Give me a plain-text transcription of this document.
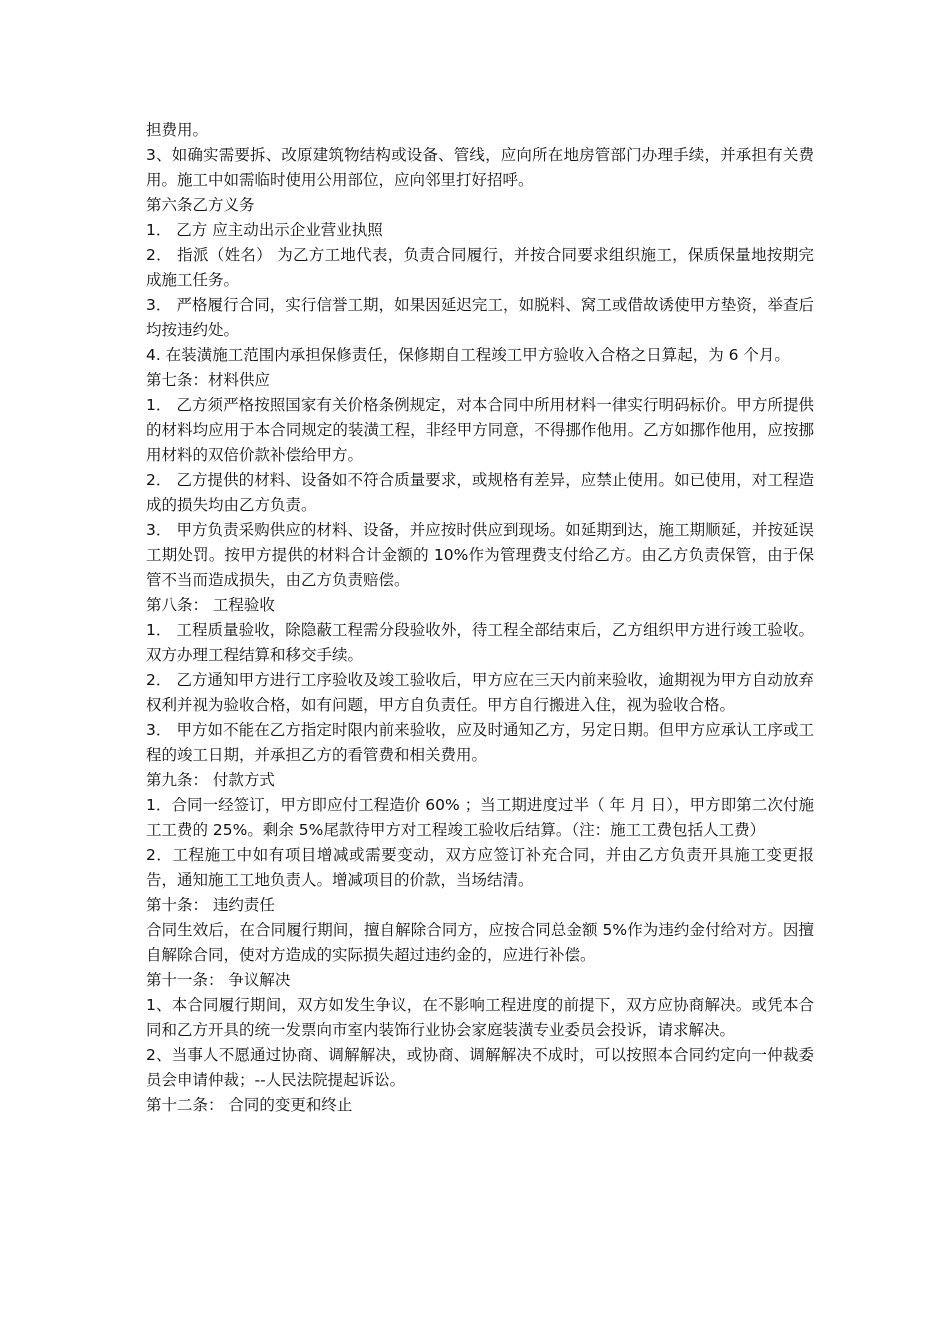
担费用。

3、如确实需要拆、改原建筑物结构或设备、管线，应向所在地房管部门办理手续，并承担有关费用。施工中如需临时使用公用部位，应向邻里打好招呼。

第六条乙方义务

1． 乙方 应主动出示企业营业执照

2． 指派（姓名） 为乙方工地代表，负责合同履行，并按合同要求组织施工，保质保量地按期完成施工任务。

3． 严格履行合同，实行信誉工期，如果因延迟完工，如脱料、窝工或借故诱使甲方垫资，举查后均按违约处。

4. 在装潢施工范围内承担保修责任，保修期自工程竣工甲方验收入合格之日算起，为 6 个月。

第七条：材料供应

1． 乙方须严格按照国家有关价格条例规定，对本合同中所用材料一律实行明码标价。甲方所提供的材料均应用于本合同规定的装潢工程，非经甲方同意，不得挪作他用。乙方如挪作他用，应按挪用材料的双倍价款补偿给甲方。

2． 乙方提供的材料、设备如不符合质量要求，或规格有差异，应禁止使用。如已使用，对工程造成的损失均由乙方负责。

3． 甲方负责采购供应的材料、设备，并应按时供应到现场。如延期到达，施工期顺延，并按延误工期处罚。按甲方提供的材料合计金额的 10%作为管理费支付给乙方。由乙方负责保管，由于保管不当而造成损失，由乙方负责赔偿。

第八条： 工程验收

1． 工程质量验收，除隐蔽工程需分段验收外，待工程全部结束后，乙方组织甲方进行竣工验收。双方办理工程结算和移交手续。

2． 乙方通知甲方进行工序验收及竣工验收后，甲方应在三天内前来验收，逾期视为甲方自动放弃权利并视为验收合格，如有问题，甲方自负责任。甲方自行搬进入住，视为验收合格。

3． 甲方如不能在乙方指定时限内前来验收，应及时通知乙方，另定日期。但甲方应承认工序或工程的竣工日期，并承担乙方的看管费和相关费用。

第九条： 付款方式

1．合同一经签订，甲方即应付工程造价 60% ；当工期进度过半（ 年 月 日），甲方即第二次付施工工费的 25%。剩余 5%尾款待甲方对工程竣工验收后结算。（注：施工工费包括人工费）

2．工程施工中如有项目增减或需要变动，双方应签订补充合同，并由乙方负责开具施工变更报告，通知施工工地负责人。增减项目的价款，当场结清。

第十条： 违约责任

合同生效后，在合同履行期间，擅自解除合同方，应按合同总金额 5%作为违约金付给对方。因擅自解除合同，使对方造成的实际损失超过违约金的，应进行补偿。

第十一条： 争议解决

1、本合同履行期间，双方如发生争议，在不影响工程进度的前提下，双方应协商解决。或凭本合同和乙方开具的统一发票向市室内装饰行业协会家庭装潢专业委员会投诉，请求解决。

2、当事人不愿通过协商、调解解决，或协商、调解解决不成时，可以按照本合同约定向一仲裁委员会申请仲裁；--人民法院提起诉讼。

第十二条： 合同的变更和终止
